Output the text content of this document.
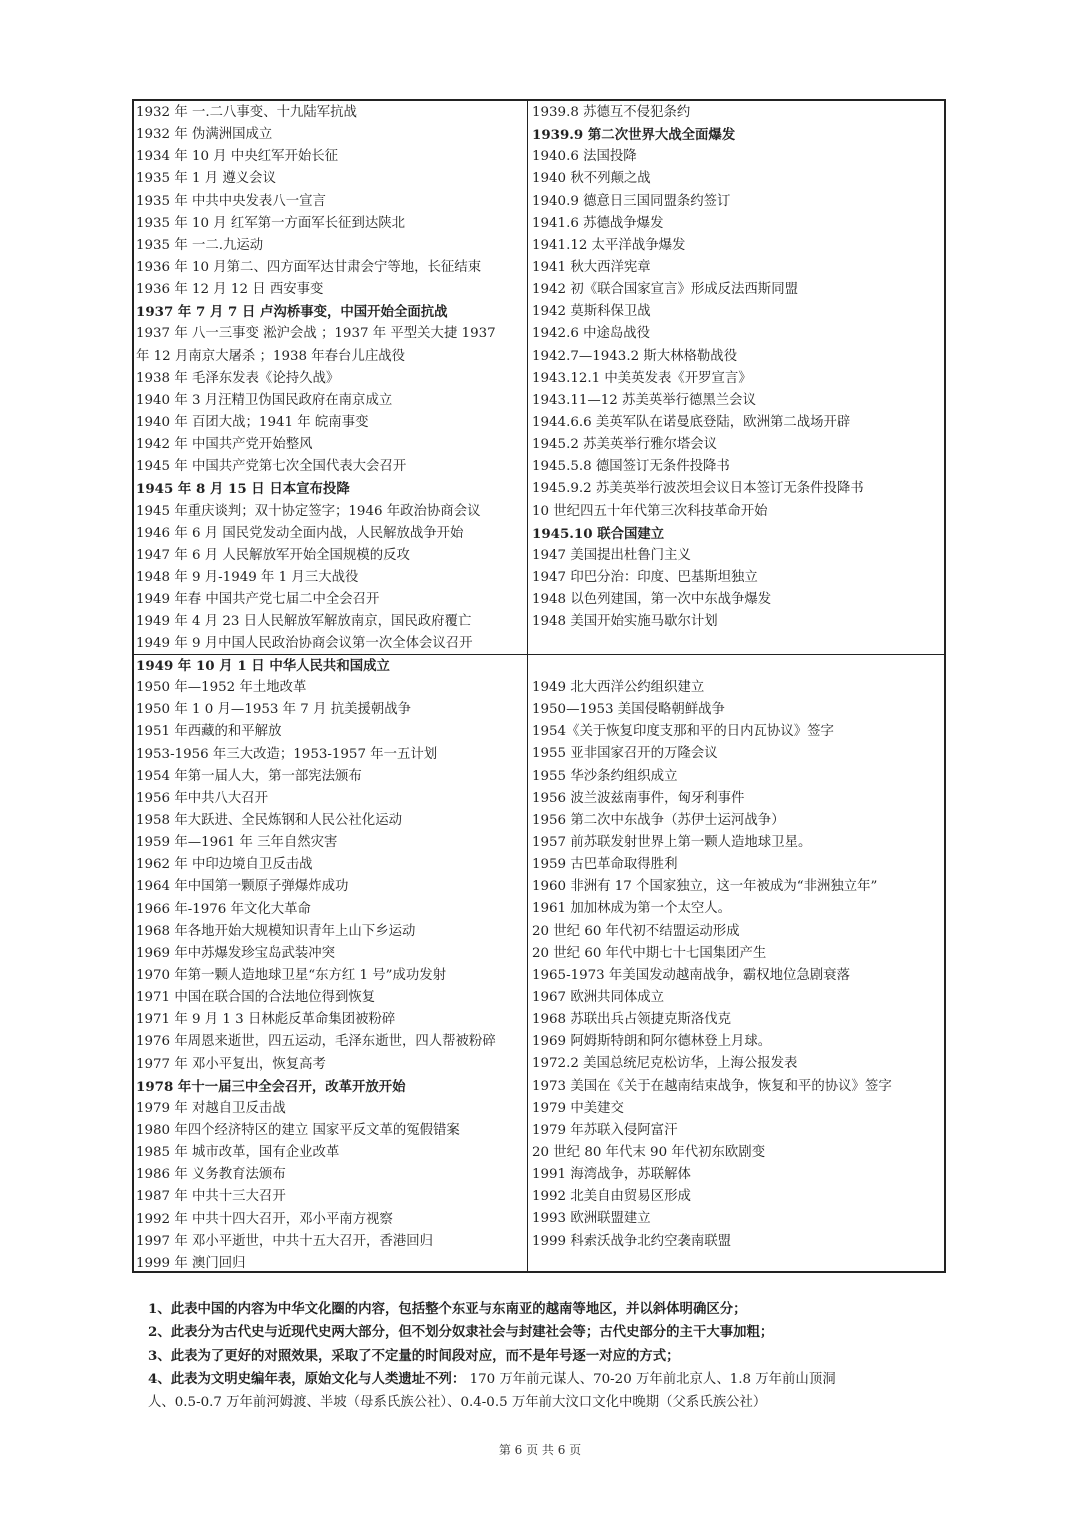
1932 年 一.二八事变、十九陆军抗战
1932 年 伪满洲国成立
1934 年 10 月 中央红军开始长征
1935 年 1 月 遵义会议
1935 年 中共中央发表八一宣言
1935 年 10 月 红军第一方面军长征到达陕北
1935 年 一二.九运动
1936 年 10 月第二、四方面军达甘肃会宁等地，长征结束
1936 年 12 月 12 日 西安事变
1937 年 7 月 7 日 卢沟桥事变，中国开始全面抗战
1937 年 八一三事变 淞沪会战 ；1937 年 平型关大捷 1937
年 12 月南京大屠杀 ；1938 年春台儿庄战役
1938 年 毛泽东发表《论持久战》
1940 年 3 月汪精卫伪国民政府在南京成立
1940 年 百团大战；1941 年 皖南事变
1942 年 中国共产党开始整风
1945 年 中国共产党第七次全国代表大会召开
1945 年 8 月 15 日 日本宣布投降
1945 年重庆谈判；双十协定签字；1946 年政治协商会议
1946 年 6 月 国民党发动全面内战，人民解放战争开始
1947 年 6 月 人民解放军开始全国规模的反攻
1948 年 9 月-1949 年 1 月三大战役
1949 年春 中国共产党七届二中全会召开
1949 年 4 月 23 日人民解放军解放南京，国民政府覆亡
1949 年 9 月中国人民政治协商会议第一次全体会议召开
1939.8 苏德互不侵犯条约
1939.9 第二次世界大战全面爆发
1940.6 法国投降
1940 秋不列颠之战
1940.9 德意日三国同盟条约签订
1941.6 苏德战争爆发
1941.12 太平洋战争爆发
1941 秋大西洋宪章
1942 初《联合国家宣言》形成反法西斯同盟
1942 莫斯科保卫战
1942.6 中途岛战役
1942.7—1943.2 斯大林格勒战役
1943.12.1 中美英发表《开罗宣言》
1943.11—12 苏美英举行德黑兰会议
1944.6.6 美英军队在诺曼底登陆，欧洲第二战场开辟
1945.2 苏美英举行雅尔塔会议
1945.5.8 德国签订无条件投降书
1945.9.2 苏美英举行波茨坦会议日本签订无条件投降书
10 世纪四五十年代第三次科技革命开始
1945.10 联合国建立
1947 美国提出杜鲁门主义
1947 印巴分治：印度、巴基斯坦独立
1948 以色列建国，第一次中东战争爆发
1948 美国开始实施马歇尔计划
1949 年 10 月 1 日 中华人民共和国成立
1950 年—1952 年土地改革
1950 年 1 0 月—1953 年 7 月 抗美援朝战争
1951 年西藏的和平解放
1953-1956 年三大改造；1953-1957 年一五计划
1954 年第一届人大，第一部宪法颁布
1956 年中共八大召开
1958 年大跃进、全民炼钢和人民公社化运动
1959 年—1961 年 三年自然灾害
1962 年 中印边境自卫反击战
1964 年中国第一颗原子弹爆炸成功
1966 年-1976 年文化大革命
1968 年各地开始大规模知识青年上山下乡运动
1969 年中苏爆发珍宝岛武装冲突
1970 年第一颗人造地球卫星“东方红 1 号”成功发射
1971 中国在联合国的合法地位得到恢复
1971 年 9 月 1 3 日林彪反革命集团被粉碎
1976 年周恩来逝世，四五运动，毛泽东逝世，四人帮被粉碎
1977 年 邓小平复出，恢复高考
1978 年十一届三中全会召开，改革开放开始
1979 年 对越自卫反击战
1980 年四个经济特区的建立 国家平反文革的冤假错案
1985 年 城市改革，国有企业改革
1986 年 义务教育法颁布
1987 年 中共十三大召开
1992 年 中共十四大召开，邓小平南方视察
1997 年 邓小平逝世，中共十五大召开，香港回归
1999 年 澳门回归
1949 北大西洋公约组织建立
1950—1953 美国侵略朝鲜战争
1954《关于恢复印度支那和平的日内瓦协议》签字
1955 亚非国家召开的万隆会议
1955 华沙条约组织成立
1956 波兰波兹南事件，匈牙利事件
1956 第二次中东战争（苏伊士运河战争）
1957 前苏联发射世界上第一颗人造地球卫星。
1959 古巴革命取得胜利
1960 非洲有 17 个国家独立，这一年被成为“非洲独立年”
1961 加加林成为第一个太空人。
20 世纪 60 年代初不结盟运动形成
20 世纪 60 年代中期七十七国集团产生
1965-1973 年美国发动越南战争，霸权地位急剧衰落
1967 欧洲共同体成立
1968 苏联出兵占领捷克斯洛伐克
1969 阿姆斯特朗和阿尔德林登上月球。
1972.2 美国总统尼克松访华，上海公报发表
1973 美国在《关于在越南结束战争，恢复和平的协议》签字
1979 中美建交
1979 年苏联入侵阿富汗
20 世纪 80 年代末 90 年代初东欧剧变
1991 海湾战争，苏联解体
1992 北美自由贸易区形成
1993 欧洲联盟建立
1999 科索沃战争北约空袭南联盟
1、此表中国的内容为中华文化圈的内容，包括整个东亚与东南亚的越南等地区，并以斜体明确区分；
2、此表分为古代史与近现代史两大部分，但不划分奴隶社会与封建社会等；古代史部分的主干大事加粗；
3、此表为了更好的对照效果，采取了不定量的时间段对应，而不是年号逐一对应的方式；
4、此表为文明史编年表，原始文化与人类遗址不列： 170 万年前元谋人、70-20 万年前北京人、1.8 万年前山顶洞
人、0.5-0.7 万年前河姆渡、半坡（母系氏族公社）、0.4-0.5 万年前大汶口文化中晚期（父系氏族公社）
第 6 页 共 6 页
